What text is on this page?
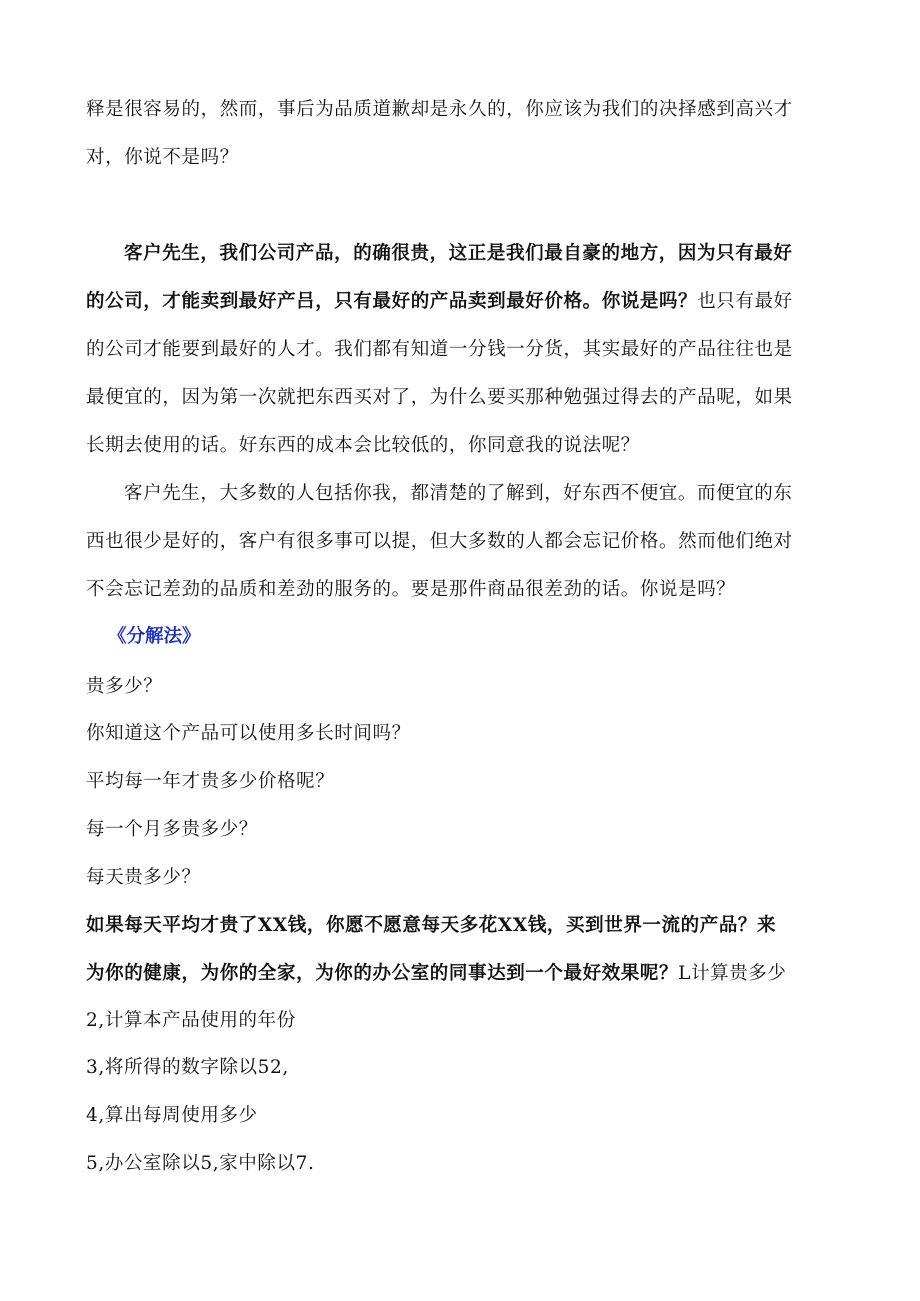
释是很容易的，然而，事后为品质道歉却是永久的，你应该为我们的决择感到高兴才
对，你说不是吗？
客户先生，我们公司产品，的确很贵，这正是我们最自豪的地方，因为只有最好
的公司，才能卖到最好产吕，只有最好的产品卖到最好价格。你说是吗？也只有最好
的公司才能要到最好的人才。我们都有知道一分钱一分货，其实最好的产品往往也是
最便宜的，因为第一次就把东西买对了，为什么要买那种勉强过得去的产品呢，如果
长期去使用的话。好东西的成本会比较低的，你同意我的说法呢？
客户先生，大多数的人包括你我，都清楚的了解到，好东西不便宜。而便宜的东
西也很少是好的，客户有很多事可以提，但大多数的人都会忘记价格。然而他们绝对
不会忘记差劲的品质和差劲的服务的。要是那件商品很差劲的话。你说是吗？
《分解法》
贵多少？
你知道这个产品可以使用多长时间吗？
平均每一年才贵多少价格呢？
每一个月多贵多少？
每天贵多少？
如果每天平均才贵了XX钱，你愿不愿意每天多花XX钱，买到世界一流的产品？来
为你的健康，为你的全家，为你的办公室的同事达到一个最好效果呢？L计算贵多少
2,计算本产品使用的年份
3,将所得的数字除以52,
4,算出每周使用多少
5,办公室除以5,家中除以7.
